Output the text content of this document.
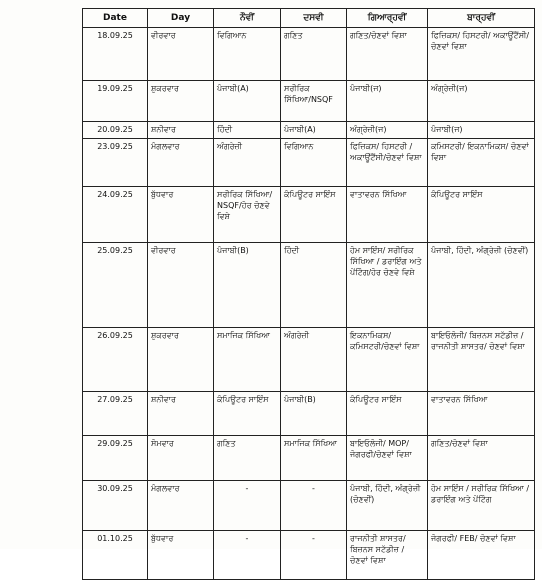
Date	Day	ਨੌਵੀਂ	ਦਸਵੀ	ਗਿਆਰ੍ਹਵੀਂ	ਬਾਰ੍ਹਵੀਂ
18.09.25	ਵੀਰਵਾਰ	ਵਿਗਿਆਨ	ਗਣਿਤ	ਗਣਿਤ/ਚੋਣਵਾਂ ਵਿਸ਼ਾ	ਫਿਜ਼ਿਕਸ/ ਹਿਸਟਰੀ/ ਅਕਾਊਂਟੈਂਸੀ/ ਚੋਣਵਾਂ ਵਿਸ਼ਾ
19.09.25	ਸ਼ੁਕਰਵਾਰ	ਪੰਜਾਬੀ(A)	ਸਰੀਰਿਕ ਸਿੱਖਿਆ/NSQF	ਪੰਜਾਬੀ(ਜ)	ਅੰਗ੍ਰੇਜ਼ੀ(ਜ)
20.09.25	ਸ਼ਨੀਵਾਰ	ਹਿੰਦੀ	ਪੰਜਾਬੀ(A)	ਅੰਗ੍ਰੇਜ਼ੀ(ਜ)	ਪੰਜਾਬੀ(ਜ)
23.09.25	ਮੰਗਲਵਾਰ	ਅੰਗਰੇਜ਼ੀ	ਵਿਗਿਆਨ	ਫਿਜ਼ਿਕਸ/ ਹਿਸਟਰੀ / ਅਕਾਊਂਟੈਂਸੀ/ਚੋਣਵਾਂ ਵਿਸ਼ਾ	ਕਮਿਸਟਰੀ/ ਇਕਨਾਮਿਕਸ/ ਚੋਣਵਾਂ ਵਿਸ਼ਾ
24.09.25	ਬੁੱਧਵਾਰ	ਸਰੀਰਿਕ ਸਿੱਖਿਆ/ NSQF/ਹੋਰ ਚੋਣਵੇ ਵਿਸ਼ੇ	ਕੰਪਿਊਟਰ ਸਾਇੰਸ	ਵਾਤਾਵਰਨ ਸਿੱਖਿਆ	ਕੰਪਿਊਟਰ ਸਾਇੰਸ
25.09.25	ਵੀਰਵਾਰ	ਪੰਜਾਬੀ(B)	ਹਿੰਦੀ	ਹੋਮ ਸਾਇੰਸ/ ਸਰੀਰਿਕ ਸਿੱਖਿਆ / ਡਰਾਇੰਗ ਅਤੇ ਪੇਂਟਿੰਗ/ਹੋਰ ਚੋਣਵੇ ਵਿਸ਼ੇ	ਪੰਜਾਬੀ, ਹਿੰਦੀ, ਅੰਗ੍ਰੇਜ਼ੀ (ਚੋਣਵੀਂ)
26.09.25	ਸ਼ੁਕਰਵਾਰ	ਸਮਾਜਿਕ ਸਿੱਖਿਆ	ਅੰਗਰੇਜ਼ੀ	ਇਕਨਾਮਿਕਸ/ ਕਮਿਸਟਰੀ/ਚੋਣਵਾਂ ਵਿਸ਼ਾ	ਬਾਇਓਲੋਜੀ/ ਬਿਜ਼ਨਸ ਸਟੱਡੀਜ਼ / ਰਾਜਨੀਤੀ ਸ਼ਾਸਤਰ/ ਚੋਣਵਾਂ ਵਿਸ਼ਾ
27.09.25	ਸ਼ਨੀਵਾਰ	ਕੰਪਿਊਟਰ ਸਾਇੰਸ	ਪੰਜਾਬੀ(B)	ਕੰਪਿਊਟਰ ਸਾਇੰਸ	ਵਾਤਾਵਰਨ ਸਿੱਖਿਆ
29.09.25	ਸੋਮਵਾਰ	ਗਣਿਤ	ਸਮਾਜਿਕ ਸਿੱਖਿਆ	ਬਾਇਓਲੋਜੀ/ MOP/ ਜੋਗਰਫੀ/ਚੋਣਵਾਂ ਵਿਸ਼ਾ	ਗਣਿਤ/ਚੋਣਵਾਂ ਵਿਸ਼ਾ
30.09.25	ਮੰਗਲਵਾਰ	-	-	ਪੰਜਾਬੀ, ਹਿੰਦੀ, ਅੰਗ੍ਰੇਜ਼ੀ (ਚੋਣਵੀਂ)	ਹੋਮ ਸਾਇੰਸ / ਸਰੀਰਿਕ ਸਿੱਖਿਆ / ਡਰਾਇੰਗ ਅਤੇ ਪੇਂਟਿੰਗ
01.10.25	ਬੁੱਧਵਾਰ	-	-	ਰਾਜਨੀਤੀ ਸ਼ਾਸਤਰ/ ਬਿਜ਼ਨਸ ਸਟੱਡੀਜ਼ / ਚੋਣਵਾਂ ਵਿਸ਼ਾ	ਜੋਗਰਫੀ/ FEB/ ਚੋਣਵਾਂ ਵਿਸ਼ਾ
